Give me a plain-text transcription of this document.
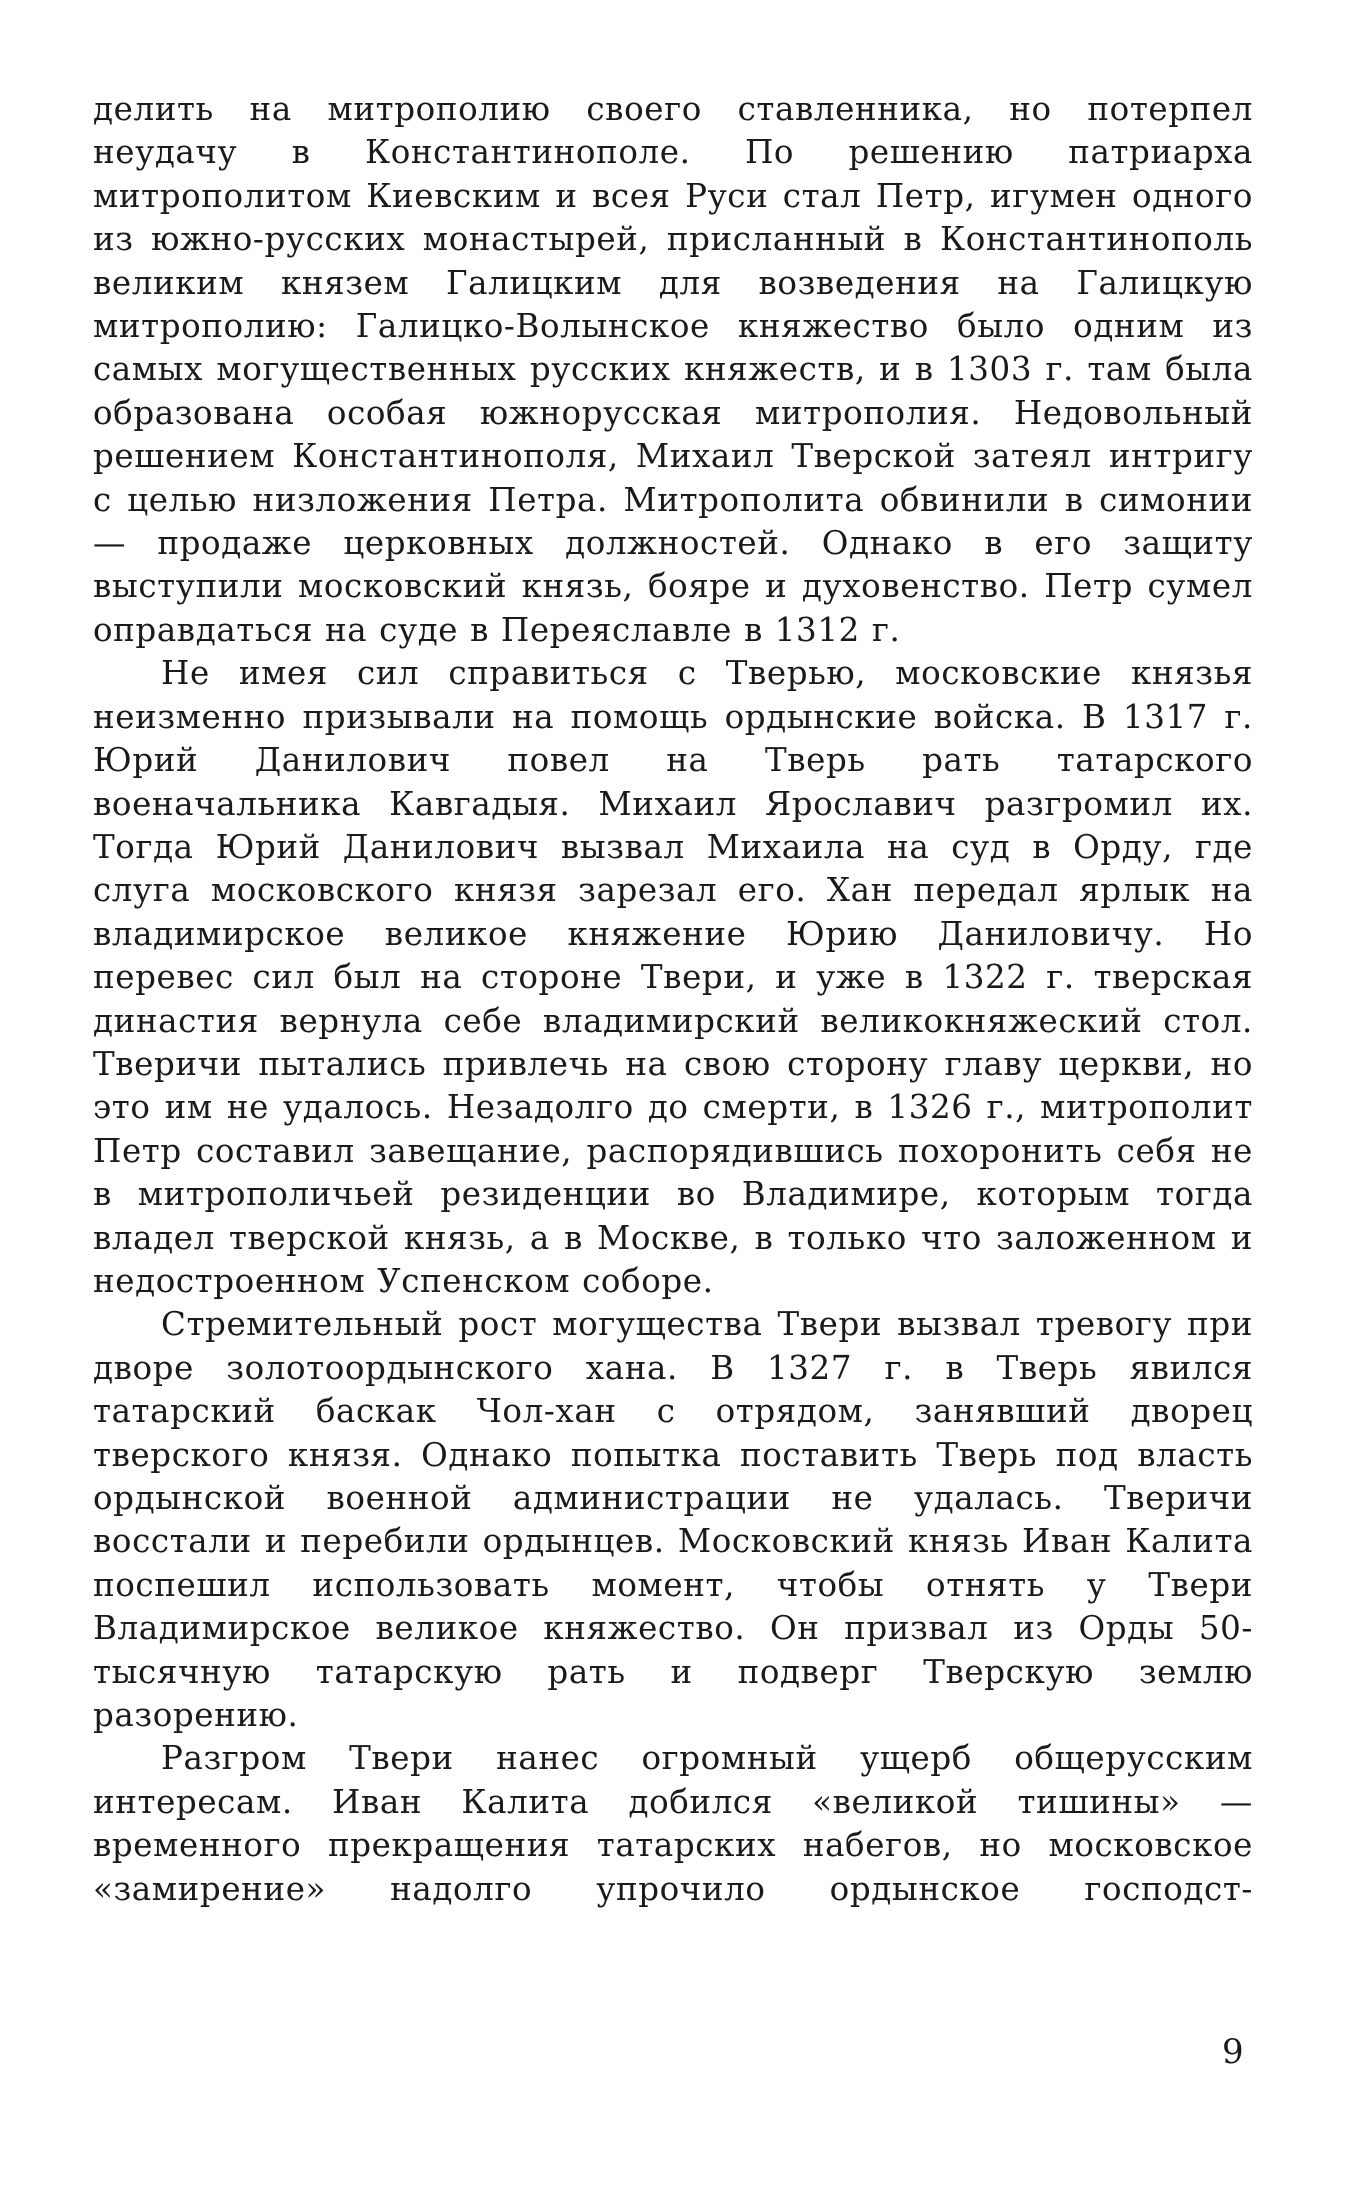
делить на митрополию своего ставленника, но потерпел неудачу в Константинополе. По решению патриарха митрополитом Киевским и всея Руси стал Петр, игумен одного из южно-русских монастырей, присланный в Константинополь великим князем Галицким для возведения на Галицкую митрополию: Галицко-Волынское княжество было одним из самых могущественных русских княжеств, и в 1303 г. там была образована особая южнорусская митрополия. Недовольный решением Константинополя, Михаил Тверской затеял интригу с целью низложения Петра. Митрополита обвинили в симонии — продаже церковных должностей. Однако в его защиту выступили московский князь, бояре и духовенство. Петр сумел оправдаться на суде в Переяславле в 1312 г.

Не имея сил справиться с Тверью, московские князья неизменно призывали на помощь ордынские войска. В 1317 г. Юрий Данилович повел на Тверь рать татарского военачальника Кавгадыя. Михаил Ярославич разгромил их. Тогда Юрий Данилович вызвал Михаила на суд в Орду, где слуга московского князя зарезал его. Хан передал ярлык на владимирское великое княжение Юрию Даниловичу. Но перевес сил был на стороне Твери, и уже в 1322 г. тверская династия вернула себе владимирский великокняжеский стол. Тверичи пытались привлечь на свою сторону главу церкви, но это им не удалось. Незадолго до смерти, в 1326 г., митрополит Петр составил завещание, распорядившись похоронить себя не в митрополичьей резиденции во Владимире, которым тогда владел тверской князь, а в Москве, в только что заложенном и недостроенном Успенском соборе.

Стремительный рост могущества Твери вызвал тревогу при дворе золотоордынского хана. В 1327 г. в Тверь явился татарский баскак Чол-хан с отрядом, занявший дворец тверского князя. Однако попытка поставить Тверь под власть ордынской военной администрации не удалась. Тверичи восстали и перебили ордынцев. Московский князь Иван Калита поспешил использовать момент, чтобы отнять у Твери Владимирское великое княжество. Он призвал из Орды 50-тысячную татарскую рать и подверг Тверскую землю разорению.

Разгром Твери нанес огромный ущерб общерусским интересам. Иван Калита добился «великой тишины» — временного прекращения татарских набегов, но московское «замирение» надолго упрочило ордынское господст-

9
